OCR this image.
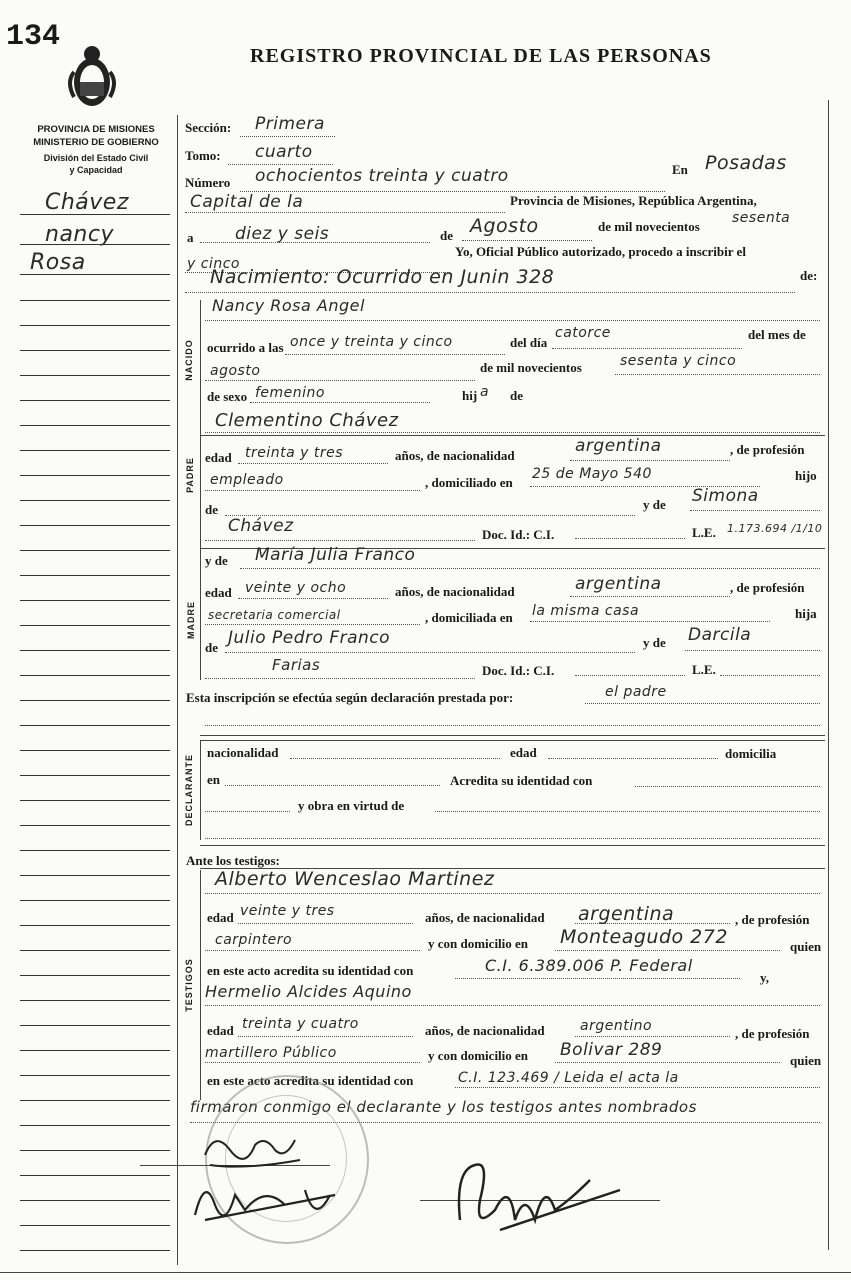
134
REGISTRO PROVINCIAL DE LAS PERSONAS
PROVINCIA DE MISIONES
MINISTERIO DE GOBIERNO
División del Estado Civil
y Capacidad
Chávez
nancy
Rosa
NACIDO
PADRE
MADRE
DECLARANTE
TESTIGOS
Sección: Primera
Tomo: cuarto
Número ochocientos treinta y cuatro	En Posadas
Capital de la	Provincia de Misiones, República Argentina,
a diez y seis	de Agosto	de mil novecientos
sesenta
y cinco
Yo, Oficial Público autorizado, procedo a inscribir el
Nacimiento: Ocurrido en Junin 328	de:
Nancy Rosa Angel
ocurrido a las once y treinta y cinco	del día
catorce	del mes de
agosto	de mil novecientos	sesenta y cinco
de sexo femenino	hij a de
Clementino Chávez
edad treinta y tres	años, de nacionalidad	argentina	, de profesión
empleado	, domiciliado en
25 de Mayo 540	hijo
de	y de Simona
Chávez	Doc. Id.: C.I.	L.E. 1.173.694 /1/10
y de María Julia Franco
edad veinte y ocho	años, de nacionalidad	argentina	, de profesión
secretaria comercial	, domiciliada en la misma casa	hija
de Julio Pedro Franco	y de Darcila
Farias	Doc. Id.: C.I.	L.E.
Esta inscripción se efectúa según declaración prestada por:	el padre
nacionalidad	edad	domicilia
en	Acredita su identidad con
y obra en virtud de
Ante los testigos:
Alberto Wenceslao Martinez
edad veinte y tres	años, de nacionalidad argentina	, de profesión
carpintero	y con domicilio en Monteagudo 272	quien
en este acto acredita su identidad con	C.I. 6.389.006 P. Federal
y,
Hermelio Alcides Aquino
edad treinta y cuatro	años, de nacionalidad	argentino	, de profesión
martillero Público	y con domicilio en Bolivar 289
quien
en este acto acredita su identidad con	C.I. 123.469 / Leida el acta la
firmaron conmigo el declarante y los testigos antes nombrados
